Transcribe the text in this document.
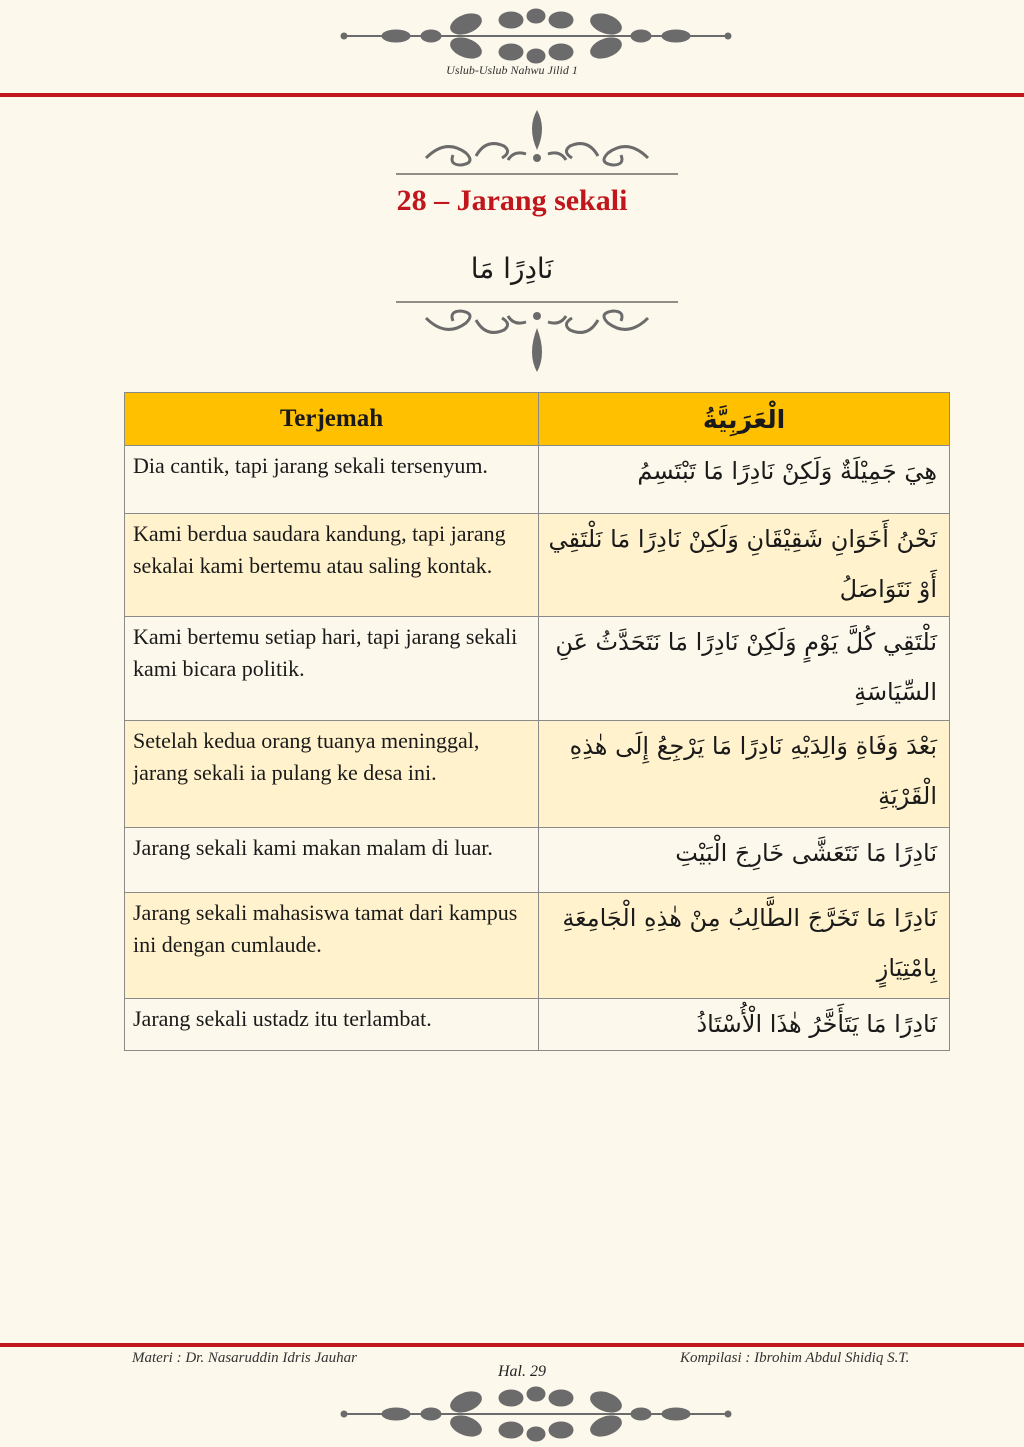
Uslub-Uslub Nahwu Jilid 1
28 – Jarang sekali
نَادِرًا مَا
Terjemah	الْعَرَبِيَّةُ
Dia cantik, tapi jarang sekali tersenyum.	هِيَ جَمِيْلَةٌ وَلَكِنْ نَادِرًا مَا تَبْتَسِمُ
Kami berdua saudara kandung, tapi jarang sekalai kami bertemu atau saling kontak.	نَحْنُ أَخَوَانِ شَقِيْقَانِ وَلَكِنْ نَادِرًا مَا نَلْتَقِي أَوْ نَتَوَاصَلُ
Kami bertemu setiap hari, tapi jarang sekali kami bicara politik.	نَلْتَقِي كُلَّ يَوْمٍ وَلَكِنْ نَادِرًا مَا نَتَحَدَّثُ عَنِ السِّيَاسَةِ
Setelah kedua orang tuanya meninggal, jarang sekali ia pulang ke desa ini.	بَعْدَ وَفَاةِ وَالِدَيْهِ نَادِرًا مَا يَرْجِعُ إِلَى هٰذِهِ الْقَرْيَةِ
Jarang sekali kami makan malam di luar.	نَادِرًا مَا نَتَعَشَّى خَارِجَ الْبَيْتِ
Jarang sekali mahasiswa tamat dari kampus ini dengan cumlaude.	نَادِرًا مَا تَخَرَّجَ الطَّالِبُ مِنْ هٰذِهِ الْجَامِعَةِ بِامْتِيَازٍ
Jarang sekali ustadz itu terlambat.	نَادِرًا مَا يَتَأَخَّرُ هٰذَا الْأُسْتَاذُ
Materi : Dr. Nasaruddin Idris Jauhar	Kompilasi : Ibrohim Abdul Shidiq S.T.
Hal. 29
